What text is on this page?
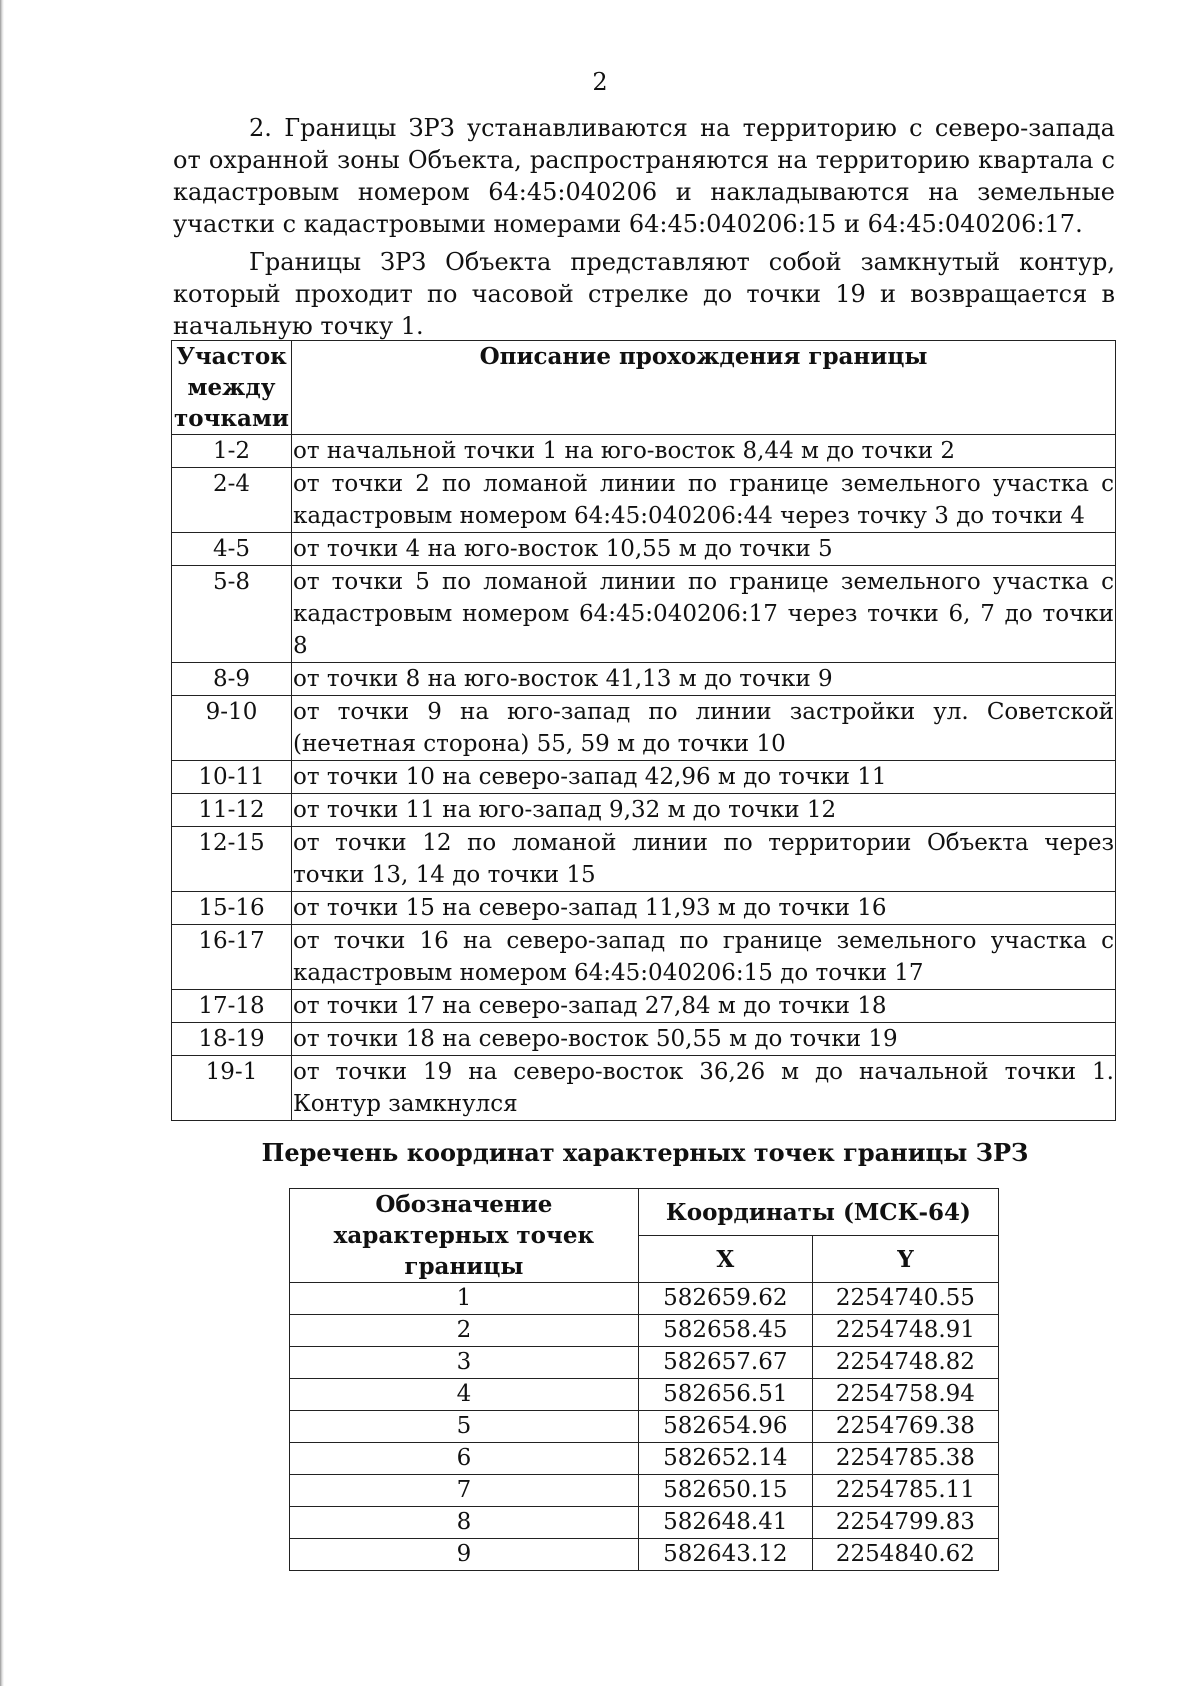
2

2. Границы ЗРЗ устанавливаются на территорию с северо-запада от охранной зоны Объекта, распространяются на территорию квартала с кадастровым номером 64:45:040206 и накладываются на земельные участки с кадастровыми номерами 64:45:040206:15 и 64:45:040206:17.

Границы ЗРЗ Объекта представляют собой замкнутый контур, который проходит по часовой стрелке до точки 19 и возвращается в начальную точку 1.

Участок между точками	Описание прохождения границы
1-2	от начальной точки 1 на юго-восток 8,44 м до точки 2
2-4	от точки 2 по ломаной линии по границе земельного участка с кадастровым номером 64:45:040206:44 через точку 3 до точки 4
4-5	от точки 4 на юго-восток 10,55 м до точки 5
5-8	от точки 5 по ломаной линии по границе земельного участка с кадастровым номером 64:45:040206:17 через точки 6, 7 до точки 8
8-9	от точки 8 на юго-восток 41,13 м до точки 9
9-10	от точки 9 на юго-запад по линии застройки ул. Советской (нечетная сторона) 55, 59 м до точки 10
10-11	от точки 10 на северо-запад 42,96 м до точки 11
11-12	от точки 11 на юго-запад 9,32 м до точки 12
12-15	от точки 12 по ломаной линии по территории Объекта через точки 13, 14 до точки 15
15-16	от точки 15 на северо-запад 11,93 м до точки 16
16-17	от точки 16 на северо-запад по границе земельного участка с кадастровым номером 64:45:040206:15 до точки 17
17-18	от точки 17 на северо-запад 27,84 м до точки 18
18-19	от точки 18 на северо-восток 50,55 м до точки 19
19-1	от точки 19 на северо-восток 36,26 м до начальной точки 1. Контур замкнулся
Перечень координат характерных точек границы ЗРЗ
Обозначение характерных точек границы	Координаты (МСК-64)	
	X	Y
1	582659.62	2254740.55
2	582658.45	2254748.91
3	582657.67	2254748.82
4	582656.51	2254758.94
5	582654.96	2254769.38
6	582652.14	2254785.38
7	582650.15	2254785.11
8	582648.41	2254799.83
9	582643.12	2254840.62
